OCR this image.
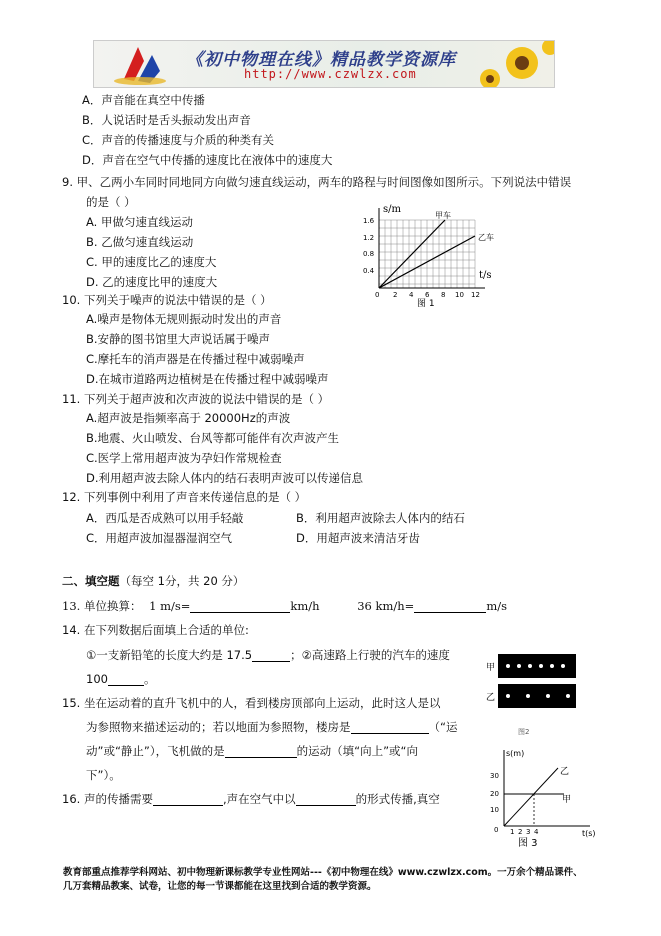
《初中物理在线》精品教学资源库
http://www.czwlzx.com
A．声音能在真空中传播
B．人说话时是舌头振动发出声音
C．声音的传播速度与介质的种类有关
D．声音在空气中传播的速度比在液体中的速度大
9. 甲、乙两小车同时同地同方向做匀速直线运动，两车的路程与时间图像如图所示。下列说法中错误
的是（ ）
A. 甲做匀速直线运动
B. 乙做匀速直线运动
C. 甲的速度比乙的速度大
D. 乙的速度比甲的速度大
s/m
t/s
甲车
乙车
1.6
1.2
0.8
0.4
0 2 4 6 8 10 12
图 1
10. 下列关于噪声的说法中错误的是（ ）
A.噪声是物体无规则振动时发出的声音
B.安静的图书馆里大声说话属于噪声
C.摩托车的消声器是在传播过程中减弱噪声
D.在城市道路两边植树是在传播过程中减弱噪声
11. 下列关于超声波和次声波的说法中错误的是（ ）
A.超声波是指频率高于 20000Hz的声波
B.地震、火山喷发、台风等都可能伴有次声波产生
C.医学上常用超声波为孕妇作常规检查
D.利用超声波去除人体内的结石表明声波可以传递信息
12. 下列事例中利用了声音来传递信息的是（ ）
A．西瓜是否成熟可以用手轻敲	B．利用超声波除去人体内的结石
C．用超声波加湿器湿润空气	D．用超声波来清洁牙齿
二、填空题（每空 1分，共 20 分）
13. 单位换算： 1 m/s=	km/h	36 km/h=	m/s
14. 在下列数据后面填上合适的单位:
①一支新铅笔的长度大约是 17.5	；②高速路上行驶的汽车的速度
100	。
甲
乙
图2
15. 坐在运动着的直升飞机中的人，看到楼房顶部向上运动，此时这人是以
为参照物来描述运动的；若以地面为参照物，楼房是	（“运
动”或“静止”），飞机做的是	的运动（填“向上”或“向
下”）。
s(m)
t(s)
乙
甲
30
20
10
0 1 2 3 4
图 3
16. 声的传播需要	,声在空气中以	的形式传播,真空
教育部重点推荐学科网站、初中物理新课标教学专业性网站---《初中物理在线》www.czwlzx.com。一万余个精品课件、
几万套精品教案、试卷，让您的每一节课都能在这里找到合适的教学资源。
